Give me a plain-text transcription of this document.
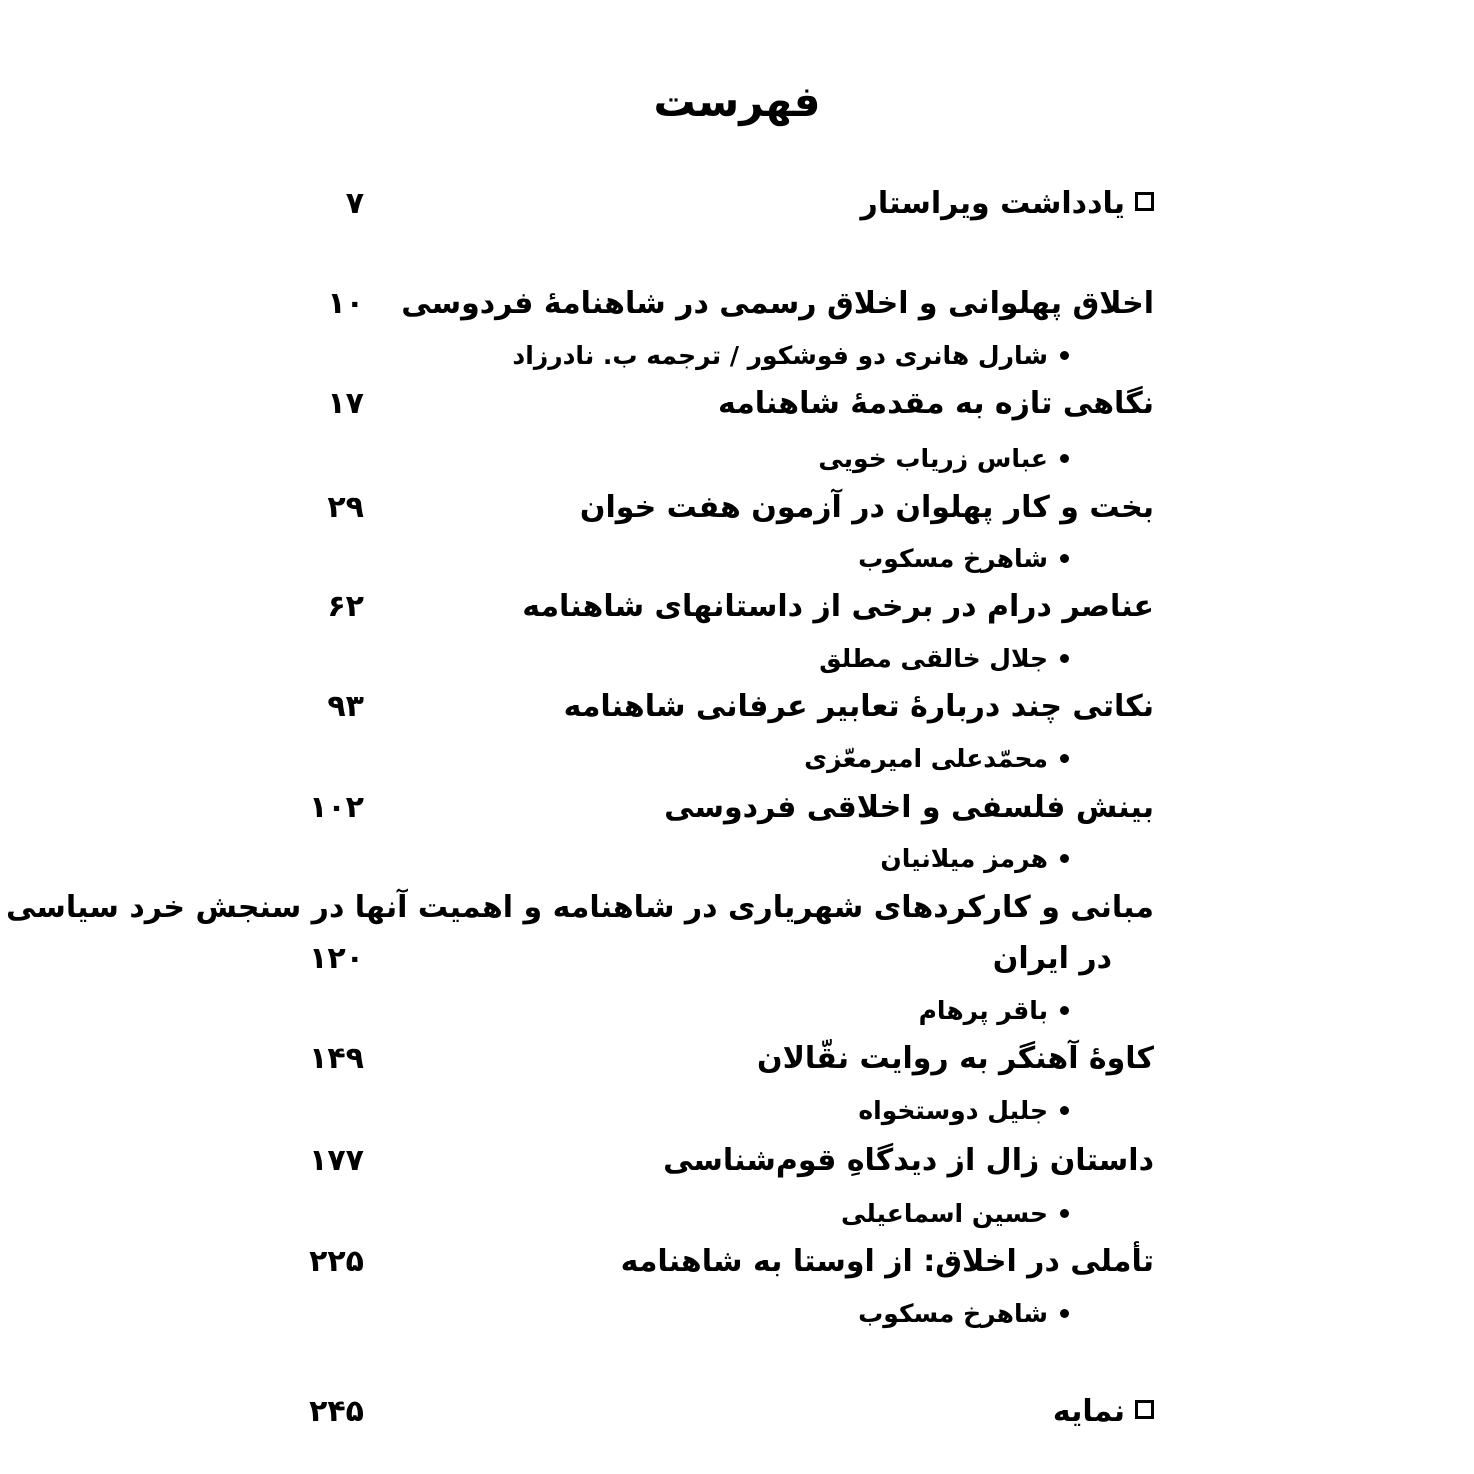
فهرست
یادداشت ویراستار
۷
اخلاق پهلوانی و اخلاق رسمی در شاهنامهٔ فردوسی
۱۰
شارل هانری دو فوشکور / ترجمه ب. نادرزاد
نگاهی تازه به مقدمهٔ شاهنامه
۱۷
عباس زریاب خویی
بخت و کار پهلوان در آزمون هفت خوان
۲۹
شاهرخ مسکوب
عناصر درام در برخی از داستانهای شاهنامه
۶۲
جلال خالقی مطلق
نکاتی چند دربارهٔ تعابیر عرفانی شاهنامه
۹۳
محمّدعلی امیرمعّزی
بینش فلسفی و اخلاقی فردوسی
۱۰۲
هرمز میلانیان
مبانی و کارکردهای شهریاری در شاهنامه و اهمیت آنها در سنجش خرد سیاسی
در ایران
۱۲۰
باقر پرهام
کاوهٔ آهنگر به روایت نقّالان
۱۴۹
جلیل دوستخواه
داستان زال از دیدگاهِ قوم‌شناسی
۱۷۷
حسین اسماعیلی
تأملی در اخلاق: از اوستا به شاهنامه
۲۲۵
شاهرخ مسکوب
نمایه
۲۴۵
